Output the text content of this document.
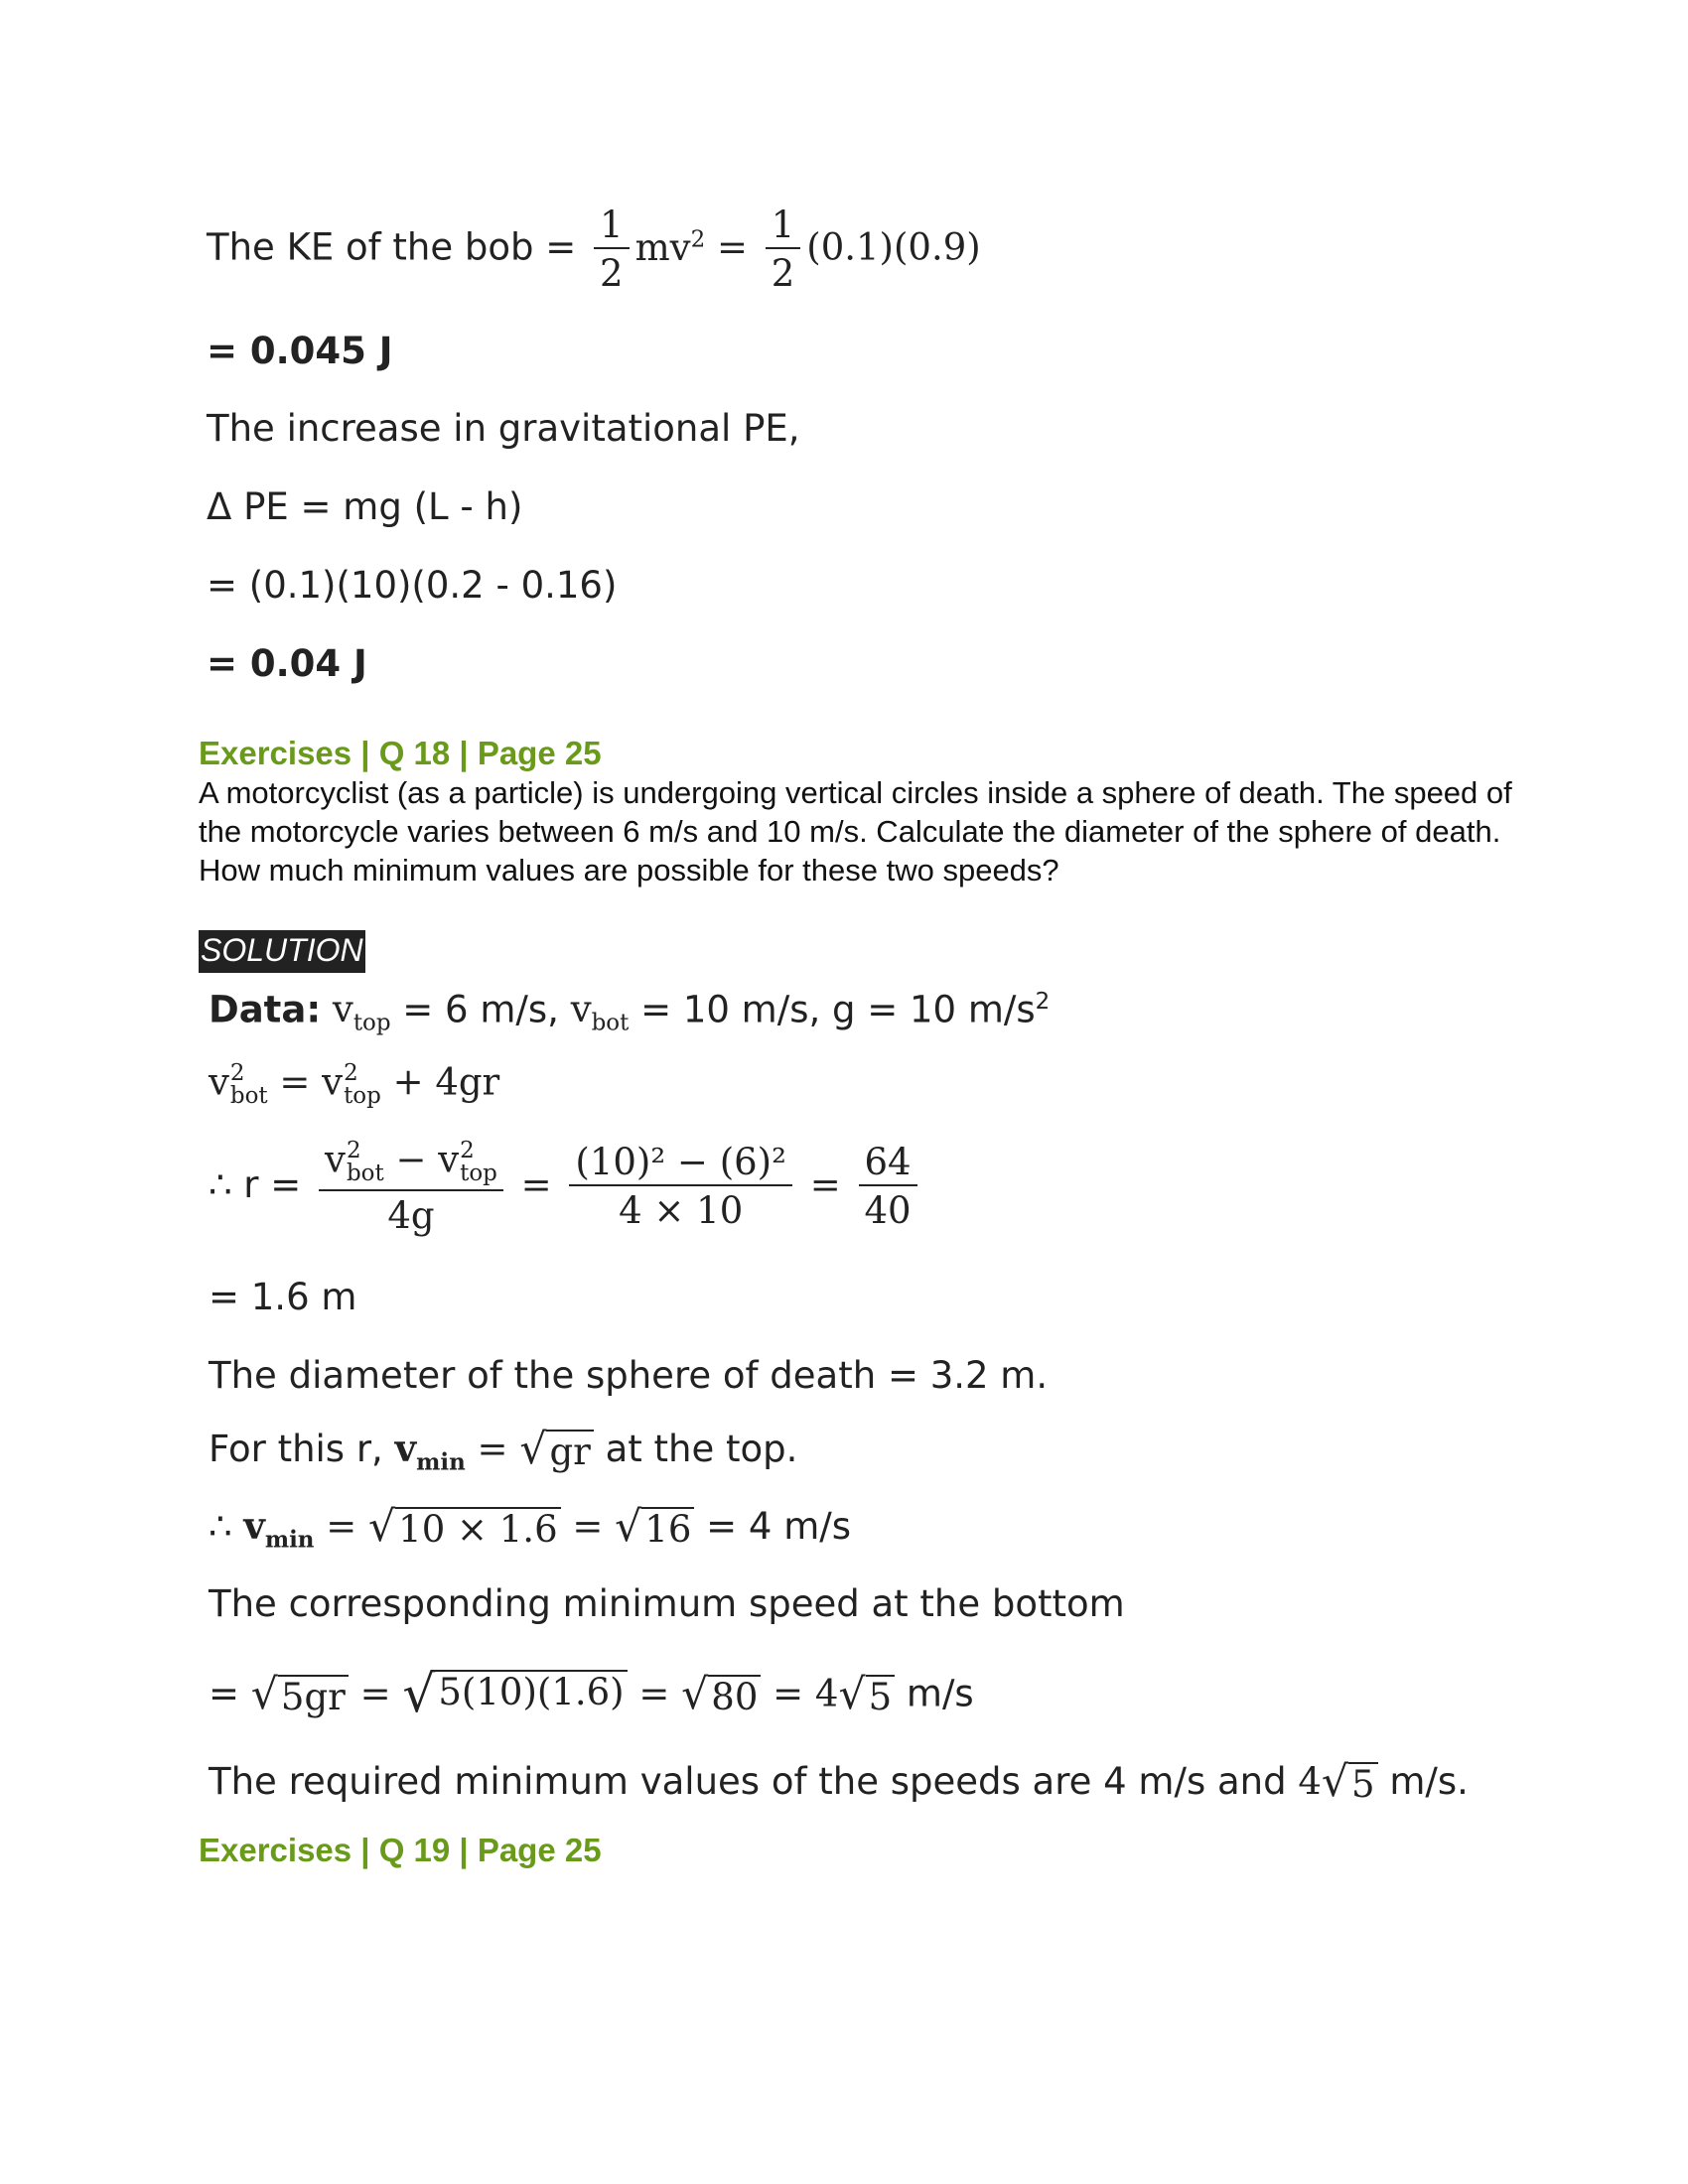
The KE of the bob = $\frac{1}{2} mv^2 = \frac{1}{2} (0.1)(0.9)$
= 0.045 J
The increase in gravitational PE,
Δ PE = mg (L - h)
= (0.1)(10)(0.2 - 0.16)
= 0.04 J
Exercises | Q 18 | Page 25
A motorcyclist (as a particle) is undergoing vertical circles inside a sphere of death. The speed of the motorcycle varies between 6 m/s and 10 m/s. Calculate the diameter of the sphere of death. How much minimum values are possible for these two speeds?
SOLUTION
Data: $v_{top} = 6$ m/s, $v_{bot} = 10$ m/s, g = 10 $m/s^2$
v 2
bot = v 2
top + 4gr
∴ r = v 2
bot − v 2
top
$4g = \frac{\text{(10)² − (6)²}}{4 \times 10} = \frac{64}{40}$
= 1.6 m
The diameter of the sphere of death = 3.2 m.
For this r, $v_{min}$ = √ gr at the top.
∴ $v_{min}$ = √ 10 × 1.6 = √ 16 = 4 m/s
The corresponding minimum speed at the bottom
= √ 5gr = √ 5(10)(1.6) = √ 80 = 4 √ 5 m/s
The required minimum values of the speeds are 4 m/s and 4 √ 5 m/s.
Exercises | Q 19 | Page 25
